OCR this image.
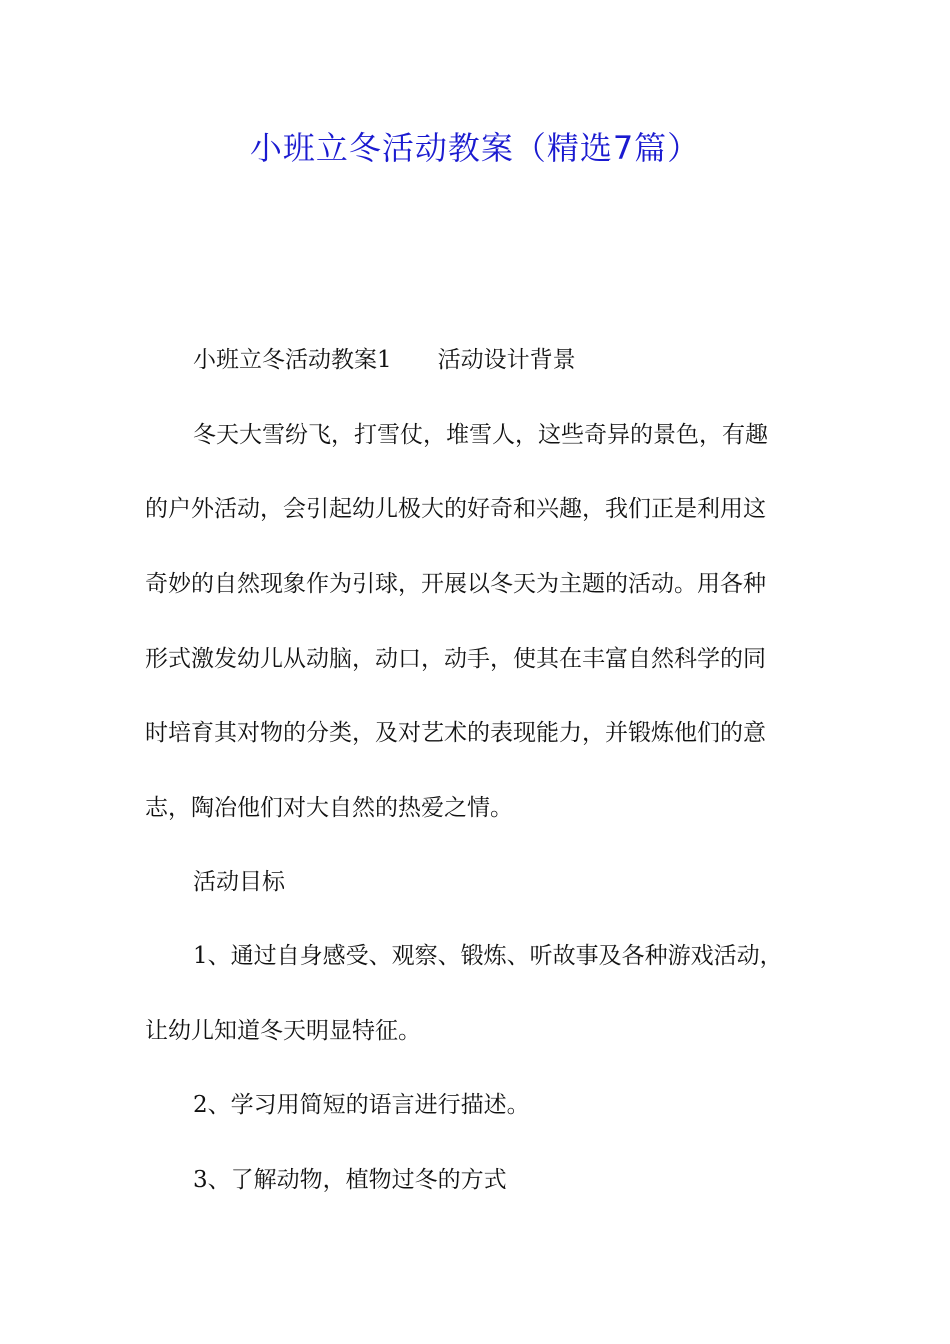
小班立冬活动教案（精选7篇）

小班立冬活动教案1 活动设计背景

冬天大雪纷飞，打雪仗，堆雪人，这些奇异的景色，有趣

的户外活动，会引起幼儿极大的好奇和兴趣，我们正是利用这

奇妙的自然现象作为引球，开展以冬天为主题的活动。用各种

形式激发幼儿从动脑，动口，动手，使其在丰富自然科学的同

时培育其对物的分类，及对艺术的表现能力，并锻炼他们的意

志，陶冶他们对大自然的热爱之情。

活动目标

1、通过自身感受、观察、锻炼、听故事及各种游戏活动，

让幼儿知道冬天明显特征。

2、学习用简短的语言进行描述。

3、了解动物，植物过冬的方式
